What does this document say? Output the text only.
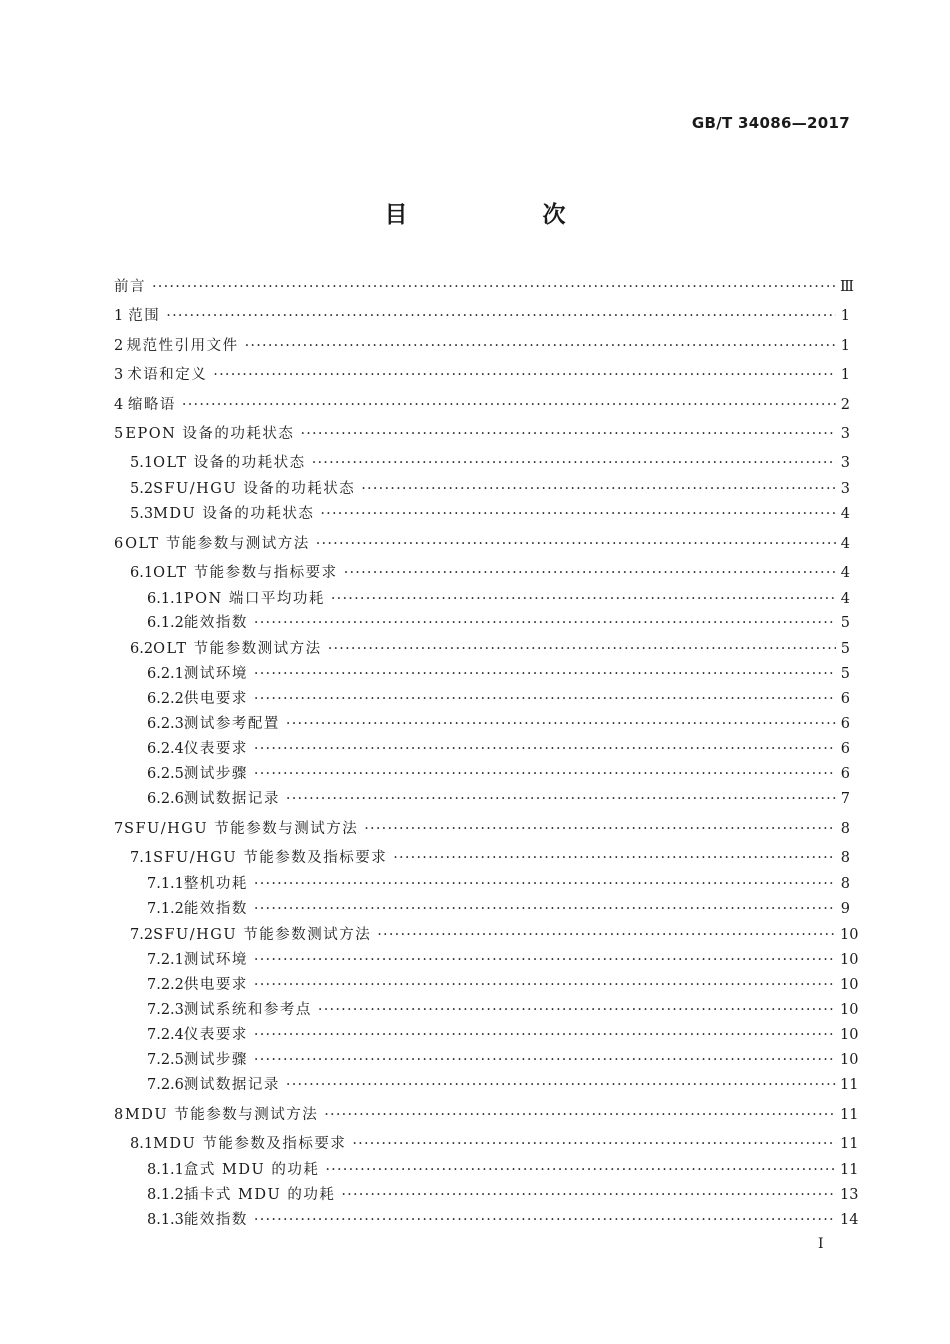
GB/T 34086—2017
目　次
前言 ·····	Ⅲ
1 范围 ·····	1
2 规范性引用文件 ·····	1
3 术语和定义 ·····	1
4 缩略语 ·····	2
5 EPON 设备的功耗状态 ·····	3
5.1 OLT 设备的功耗状态 ·····	3
5.2 SFU/HGU 设备的功耗状态 ·····	3
5.3 MDU 设备的功耗状态 ·····	4
6 OLT 节能参数与测试方法 ·····	4
6.1 OLT 节能参数与指标要求 ·····	4
6.1.1 PON 端口平均功耗 ·····	4
6.1.2 能效指数 ·····	5
6.2 OLT 节能参数测试方法 ·····	5
6.2.1 测试环境 ·····	5
6.2.2 供电要求 ·····	6
6.2.3 测试参考配置 ·····	6
6.2.4 仪表要求 ·····	6
6.2.5 测试步骤 ·····	6
6.2.6 测试数据记录 ·····	7
7 SFU/HGU 节能参数与测试方法 ·····	8
7.1 SFU/HGU 节能参数及指标要求 ·····	8
7.1.1 整机功耗 ·····	8
7.1.2 能效指数 ·····	9
7.2 SFU/HGU 节能参数测试方法 ·····	10
7.2.1 测试环境 ·····	10
7.2.2 供电要求 ·····	10
7.2.3 测试系统和参考点 ·····	10
7.2.4 仪表要求 ·····	10
7.2.5 测试步骤 ·····	10
7.2.6 测试数据记录 ·····	11
8 MDU 节能参数与测试方法 ·····	11
8.1 MDU 节能参数及指标要求 ·····	11
8.1.1 盒式 MDU 的功耗 ·····	11
8.1.2 插卡式 MDU 的功耗 ·····	13
8.1.3 能效指数 ·····	14
Ⅰ
